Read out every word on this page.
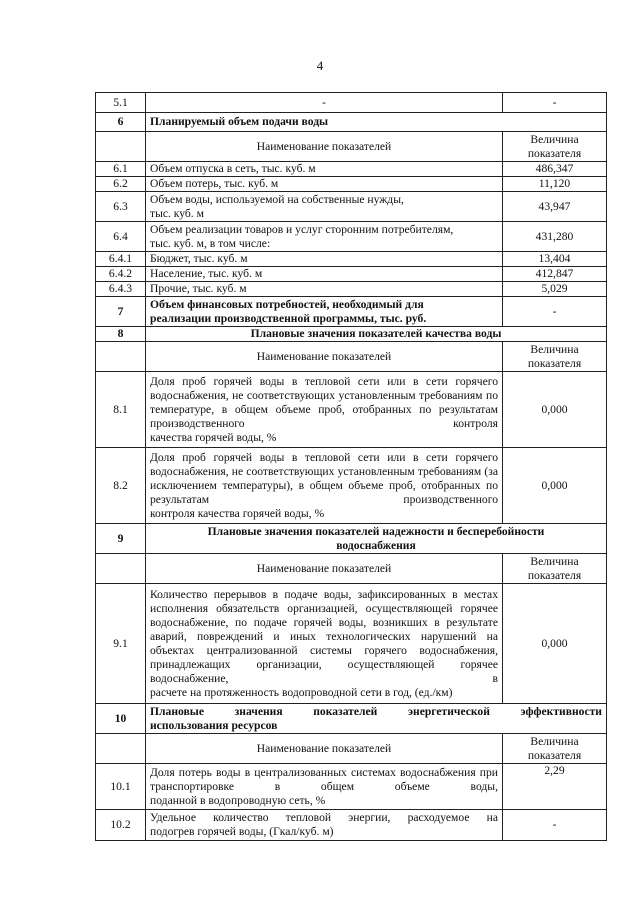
4
5.1	-	-
6	Планируемый объем подачи воды	
	Наименование показателей	Величина показателя
6.1	Объем отпуска в сеть, тыс. куб. м	486,347
6.2	Объем потерь, тыс. куб. м	11,120
6.3	Объем воды, используемой на собственные нужды,
тыс. куб. м	43,947
6.4	Объем реализации товаров и услуг сторонним потребителям,
тыс. куб. м, в том числе:	431,280
6.4.1	Бюджет, тыс. куб. м	13,404
6.4.2	Население, тыс. куб. м	412,847
6.4.3	Прочие, тыс. куб. м	5,029
7	Объем финансовых потребностей, необходимый для
реализации производственной программы, тыс. руб.	-
8	Плановые значения показателей качества воды	
	Наименование показателей	Величина показателя
8.1	Доля проб горячей воды в тепловой сети или в сети горячего водоснабжения, не соответствующих установленным требованиям по температуре, в общем объеме проб, отобранных по результатам производственного контроля
качества горячей воды, %	0,000
8.2	Доля проб горячей воды в тепловой сети или в сети горячего водоснабжения, не соответствующих установленным требованиям (за исключением температуры), в общем объеме проб, отобранных по результатам производственного
контроля качества горячей воды, %	0,000
9	Плановые значения показателей надежности и бесперебойности
водоснабжения	
	Наименование показателей	Величина показателя
9.1	Количество перерывов в подаче воды, зафиксированных в местах исполнения обязательств организацией, осуществляющей горячее водоснабжение, по подаче горячей воды, возникших в результате аварий, повреждений и иных технологических нарушений на объектах централизованной системы горячего водоснабжения, принадлежащих организации, осуществляющей горячее водоснабжение, в
расчете на протяженность водопроводной сети в год, (ед./км)	0,000
10	Плановые значения показателей энергетической эффективности
использования ресурсов	

	Наименование показателей	Величина показателя
10.1	Доля потерь воды в централизованных системах водоснабжения при транспортировке в общем объеме воды,
поданной в водопроводную сеть, %	2,29
10.2	Удельное количество тепловой энергии, расходуемое на
подогрев горячей воды, (Гкал/куб. м)	-
